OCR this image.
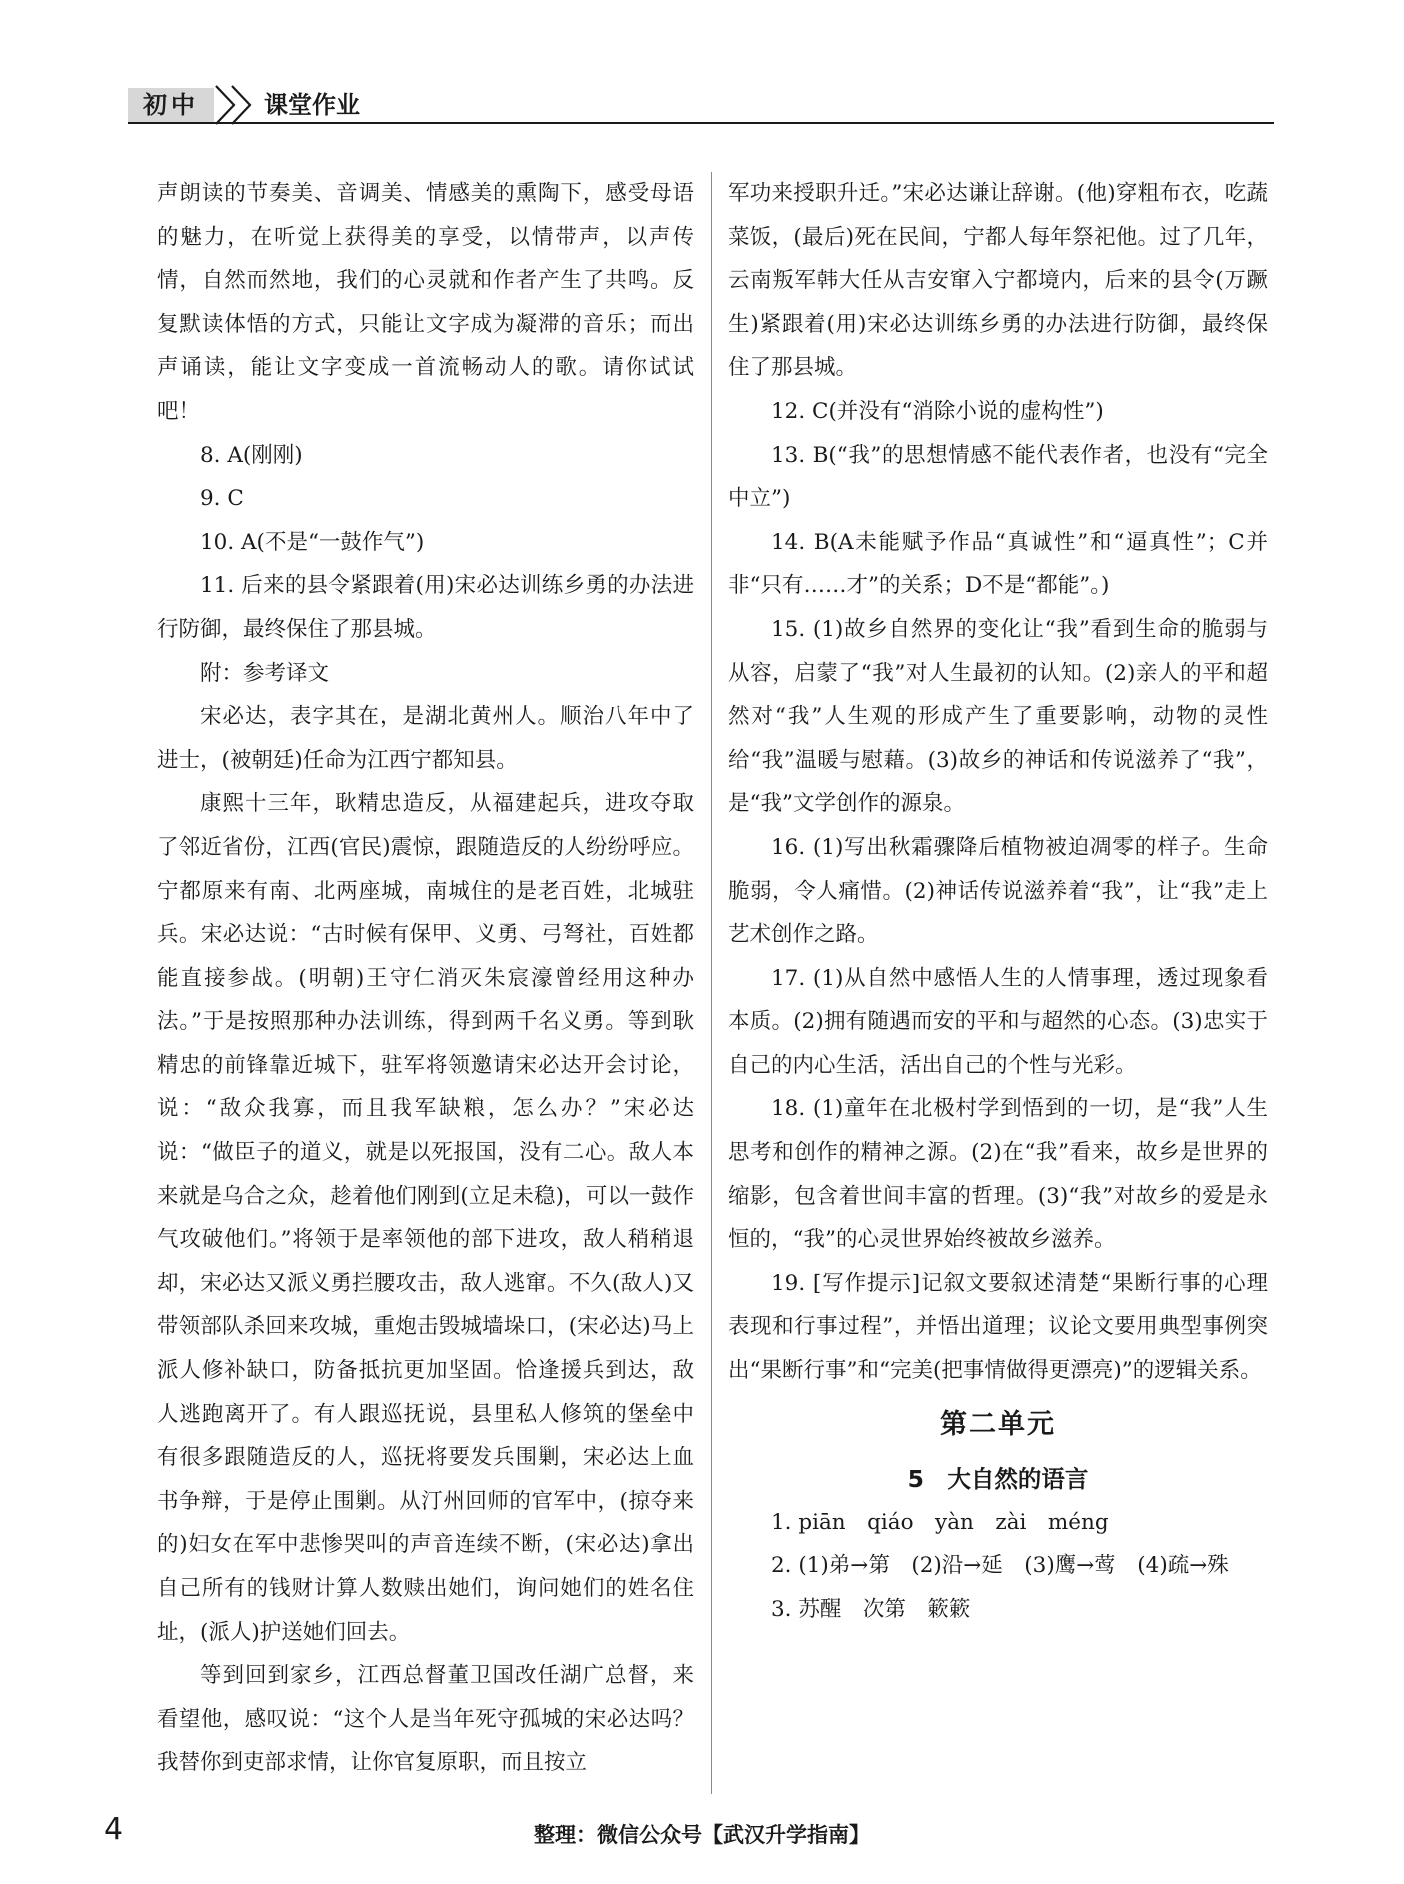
初中	课堂作业

声朗读的节奏美、音调美、情感美的熏陶下，感受母语的魅力，在听觉上获得美的享受，以情带声，以声传情，自然而然地，我们的心灵就和作者产生了共鸣。反复默读体悟的方式，只能让文字成为凝滞的音乐；而出声诵读，能让文字变成一首流畅动人的歌。请你试试吧！

8. A(刚刚)

9. C

10. A(不是“一鼓作气”)

11. 后来的县令紧跟着(用)宋必达训练乡勇的办法进行防御，最终保住了那县城。

附：参考译文

宋必达，表字其在，是湖北黄州人。顺治八年中了进士，(被朝廷)任命为江西宁都知县。

康熙十三年，耿精忠造反，从福建起兵，进攻夺取了邻近省份，江西(官民)震惊，跟随造反的人纷纷呼应。宁都原来有南、北两座城，南城住的是老百姓，北城驻兵。宋必达说：“古时候有保甲、义勇、弓弩社，百姓都能直接参战。(明朝)王守仁消灭朱宸濠曾经用这种办法。”于是按照那种办法训练，得到两千名义勇。等到耿精忠的前锋靠近城下，驻军将领邀请宋必达开会讨论，说：“敌众我寡，而且我军缺粮，怎么办？”宋必达说：“做臣子的道义，就是以死报国，没有二心。敌人本来就是乌合之众，趁着他们刚到(立足未稳)，可以一鼓作气攻破他们。”将领于是率领他的部下进攻，敌人稍稍退却，宋必达又派义勇拦腰攻击，敌人逃窜。不久(敌人)又带领部队杀回来攻城，重炮击毁城墙垛口，(宋必达)马上派人修补缺口，防备抵抗更加坚固。恰逢援兵到达，敌人逃跑离开了。有人跟巡抚说，县里私人修筑的堡垒中有很多跟随造反的人，巡抚将要发兵围剿，宋必达上血书争辩，于是停止围剿。从汀州回师的官军中，(掠夺来的)妇女在军中悲惨哭叫的声音连续不断，(宋必达)拿出自己所有的钱财计算人数赎出她们，询问她们的姓名住址，(派人)护送她们回去。

等到回到家乡，江西总督董卫国改任湖广总督，来看望他，感叹说：“这个人是当年死守孤城的宋必达吗？我替你到吏部求情，让你官复原职，而且按立

军功来授职升迁。”宋必达谦让辞谢。(他)穿粗布衣，吃蔬菜饭，(最后)死在民间，宁都人每年祭祀他。过了几年，云南叛军韩大任从吉安窜入宁都境内，后来的县令(万蹶生)紧跟着(用)宋必达训练乡勇的办法进行防御，最终保住了那县城。

12. C(并没有“消除小说的虚构性”)

13. B(“我”的思想情感不能代表作者，也没有“完全中立”)

14. B(A未能赋予作品“真诚性”和“逼真性”；C并非“只有……才”的关系；D不是“都能”。)

15. (1)故乡自然界的变化让“我”看到生命的脆弱与从容，启蒙了“我”对人生最初的认知。(2)亲人的平和超然对“我”人生观的形成产生了重要影响，动物的灵性给“我”温暖与慰藉。(3)故乡的神话和传说滋养了“我”，是“我”文学创作的源泉。

16. (1)写出秋霜骤降后植物被迫凋零的样子。生命脆弱，令人痛惜。(2)神话传说滋养着“我”，让“我”走上艺术创作之路。

17. (1)从自然中感悟人生的人情事理，透过现象看本质。(2)拥有随遇而安的平和与超然的心态。(3)忠实于自己的内心生活，活出自己的个性与光彩。

18. (1)童年在北极村学到悟到的一切，是“我”人生思考和创作的精神之源。(2)在“我”看来，故乡是世界的缩影，包含着世间丰富的哲理。(3)“我”对故乡的爱是永恒的，“我”的心灵世界始终被故乡滋养。

19. [写作提示]记叙文要叙述清楚“果断行事的心理表现和行事过程”，并悟出道理；议论文要用典型事例突出“果断行事”和“完美(把事情做得更漂亮)”的逻辑关系。

第二单元
5　大自然的语言

1. piān　qiáo　yàn　zài　méng

2. (1)弟→第　(2)沿→延　(3)鹰→莺　(4)疏→殊

3. 苏醒　次第　簌簌

4	整理：微信公众号【武汉升学指南】
